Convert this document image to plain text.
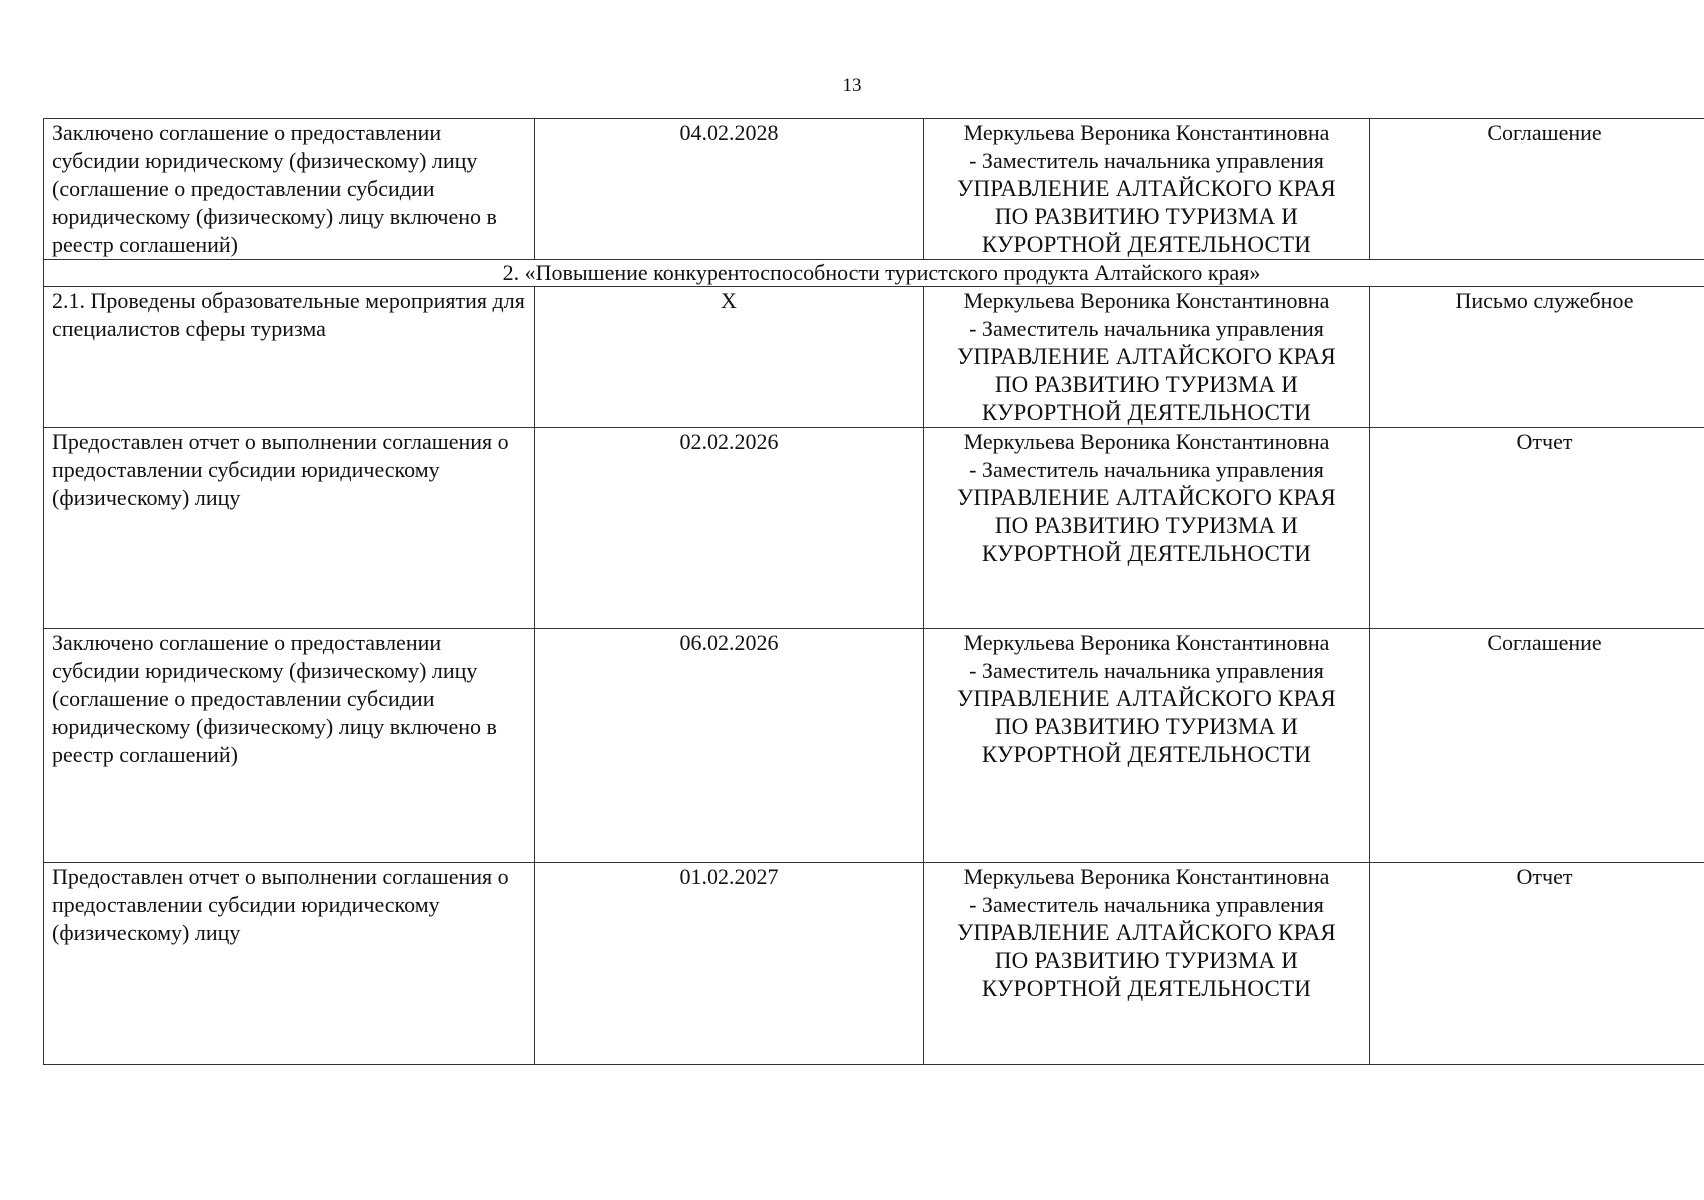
13
Заключено соглашение о предоставлении субсидии юридическому (физическому) лицу (соглашение о предоставлении субсидии юридическому (физическому) лицу включено в реестр соглашений)	04.02.2028	Меркульева Вероника Константиновна
- Заместитель начальника управления
УПРАВЛЕНИЕ АЛТАЙСКОГО КРАЯ
ПО РАЗВИТИЮ ТУРИЗМА И
КУРОРТНОЙ ДЕЯТЕЛЬНОСТИ	Соглашение
2. «Повышение конкурентоспособности туристского продукта Алтайского края»			
2.1. Проведены образовательные мероприятия для специалистов сферы туризма	X	Меркульева Вероника Константиновна
- Заместитель начальника управления
УПРАВЛЕНИЕ АЛТАЙСКОГО КРАЯ
ПО РАЗВИТИЮ ТУРИЗМА И
КУРОРТНОЙ ДЕЯТЕЛЬНОСТИ	Письмо служебное
Предоставлен отчет о выполнении соглашения о предоставлении субсидии юридическому (физическому) лицу	02.02.2026	Меркульева Вероника Константиновна
- Заместитель начальника управления
УПРАВЛЕНИЕ АЛТАЙСКОГО КРАЯ
ПО РАЗВИТИЮ ТУРИЗМА И
КУРОРТНОЙ ДЕЯТЕЛЬНОСТИ	Отчет
Заключено соглашение о предоставлении субсидии юридическому (физическому) лицу (соглашение о предоставлении субсидии юридическому (физическому) лицу включено в реестр соглашений)	06.02.2026	Меркульева Вероника Константиновна
- Заместитель начальника управления
УПРАВЛЕНИЕ АЛТАЙСКОГО КРАЯ
ПО РАЗВИТИЮ ТУРИЗМА И
КУРОРТНОЙ ДЕЯТЕЛЬНОСТИ	Соглашение
Предоставлен отчет о выполнении соглашения о предоставлении субсидии юридическому (физическому) лицу	01.02.2027	Меркульева Вероника Константиновна
- Заместитель начальника управления
УПРАВЛЕНИЕ АЛТАЙСКОГО КРАЯ
ПО РАЗВИТИЮ ТУРИЗМА И
КУРОРТНОЙ ДЕЯТЕЛЬНОСТИ	Отчет
